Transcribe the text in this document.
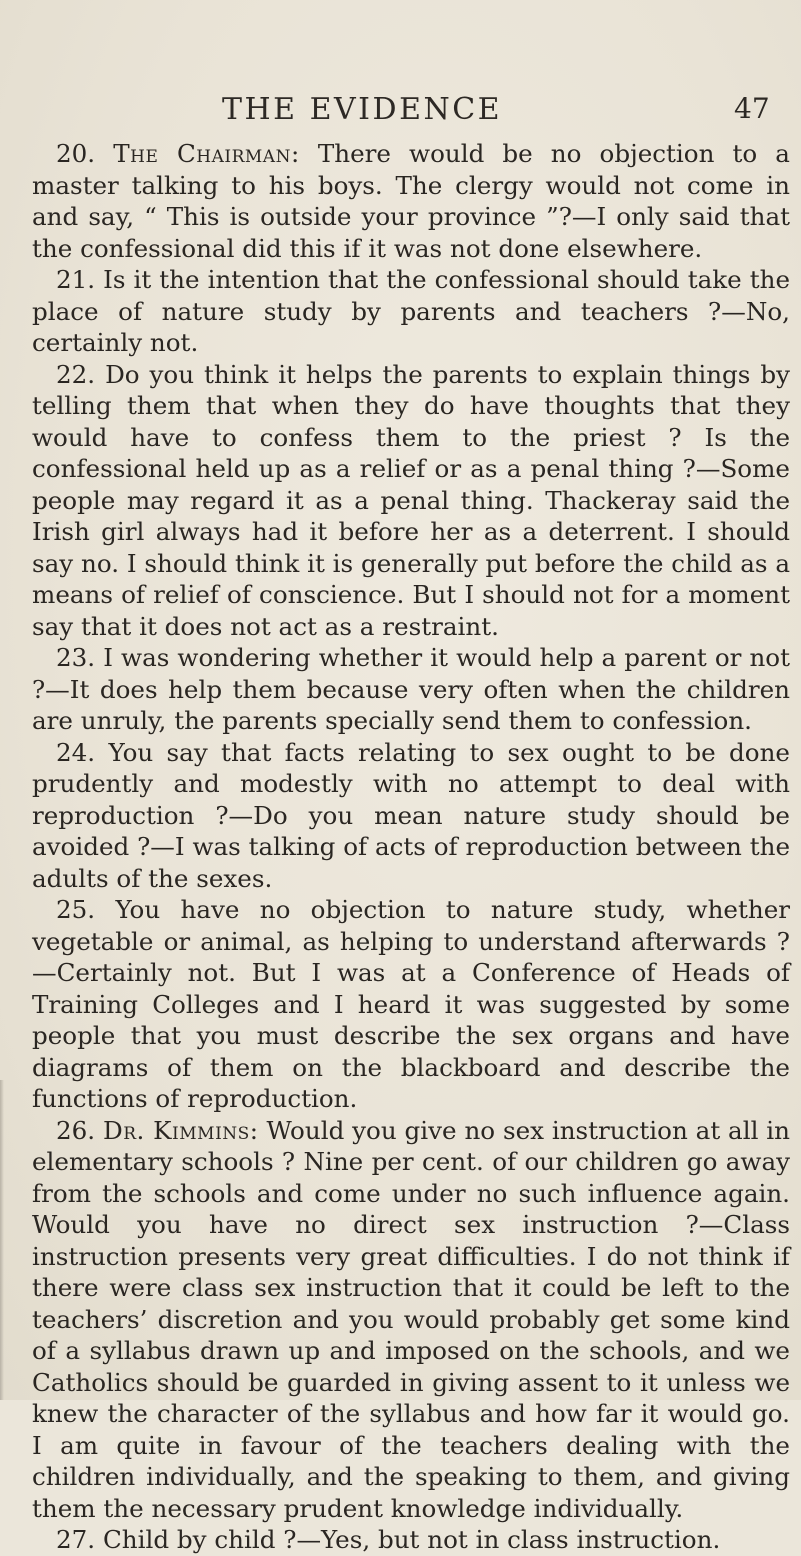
THE EVIDENCE	47

20. The Chairman: There would be no objection to a master talking to his boys. The clergy would not come in and say, “ This is outside your province ”?—I only said that the confessional did this if it was not done elsewhere.

21. Is it the intention that the confessional should take the place of nature study by parents and teachers ?—No, certainly not.

22. Do you think it helps the parents to explain things by telling them that when they do have thoughts that they would have to confess them to the priest ? Is the confessional held up as a relief or as a penal thing ?—Some people may regard it as a penal thing. Thackeray said the Irish girl always had it before her as a deterrent. I should say no. I should think it is generally put before the child as a means of relief of conscience. But I should not for a moment say that it does not act as a restraint.

23. I was wondering whether it would help a parent or not ?—It does help them because very often when the children are unruly, the parents specially send them to confession.

24. You say that facts relating to sex ought to be done prudently and modestly with no attempt to deal with reproduction ?—Do you mean nature study should be avoided ?—I was talking of acts of reproduction between the adults of the sexes.

25. You have no objection to nature study, whether vegetable or animal, as helping to understand afterwards ?—Certainly not. But I was at a Conference of Heads of Training Colleges and I heard it was suggested by some people that you must describe the sex organs and have diagrams of them on the blackboard and describe the functions of reproduction.

26. Dr. Kimmins: Would you give no sex instruction at all in elementary schools ? Nine per cent. of our children go away from the schools and come under no such influence again. Would you have no direct sex instruction ?—Class instruction presents very great difficulties. I do not think if there were class sex instruction that it could be left to the teachers’ discretion and you would probably get some kind of a syllabus drawn up and imposed on the schools, and we Catholics should be guarded in giving assent to it unless we knew the character of the syllabus and how far it would go. I am quite in favour of the teachers dealing with the children individually, and the speaking to them, and giving them the necessary prudent knowledge individually.

27. Child by child ?—Yes, but not in class instruction.
